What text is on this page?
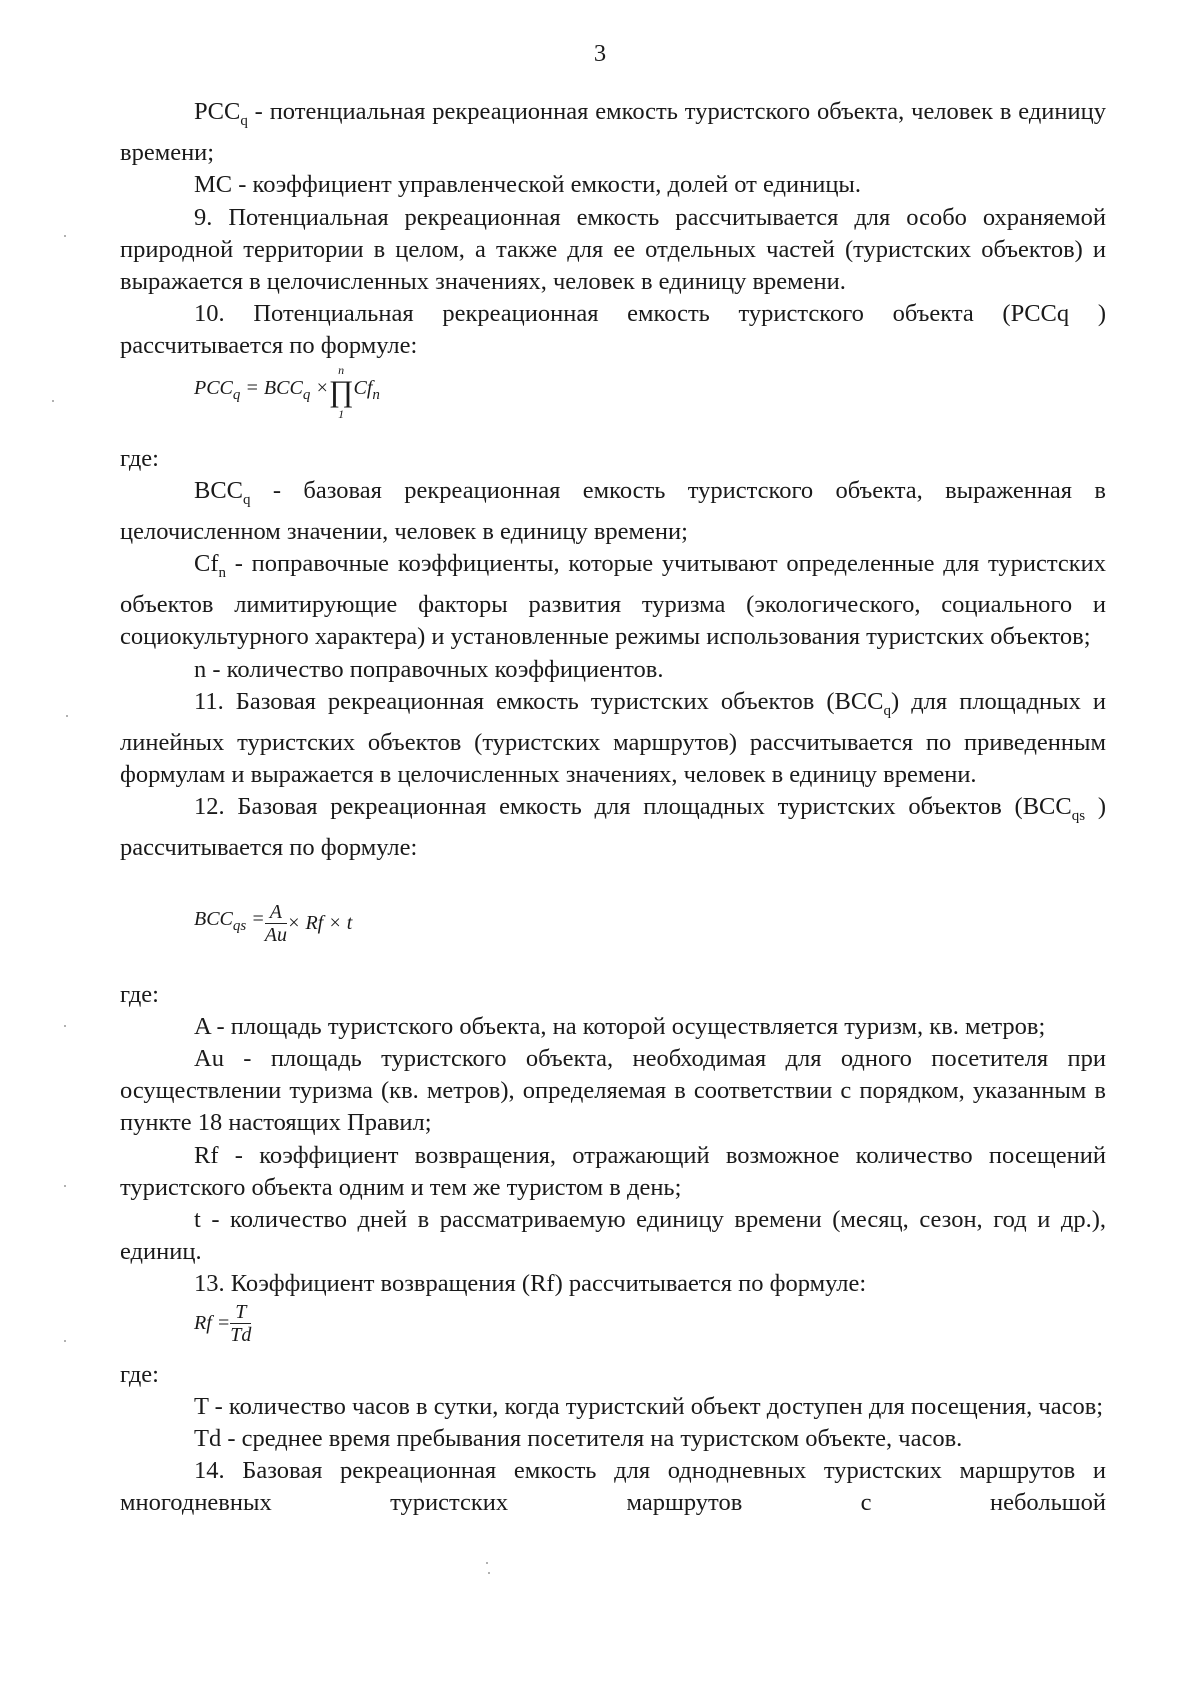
3

$PCC_q$ - потенциальная рекреационная емкость туристского объекта, человек в единицу времени;

MC - коэффициент управленческой емкости, долей от единицы.

9. Потенциальная рекреационная емкость рассчитывается для особо охраняемой природной территории в целом, а также для ее отдельных частей (туристских объектов) и выражается в целочисленных значениях, человек в единицу времени.

10. Потенциальная рекреационная емкость туристского объекта (PCCq ) рассчитывается по формуле:

$PCC_q = BCC_q$ ×
n
∏
1
$Cf_n$

где:

$BCC_q$ - базовая рекреационная емкость туристского объекта, выраженная в целочисленном значении, человек в единицу времени;

$Cf_n$ - поправочные коэффициенты, которые учитывают определенные для туристских объектов лимитирующие факторы развития туризма (экологического, социального и социокультурного характера) и установленные режимы использования туристских объектов;

n - количество поправочных коэффициентов.

11. Базовая рекреационная емкость туристских объектов $(BCC_q)$ для площадных и линейных туристских объектов (туристских маршрутов) рассчитывается по приведенным формулам и выражается в целочисленных значениях, человек в единицу времени.

12. Базовая рекреационная емкость для площадных туристских объектов ($BCC_{qs}$ ) рассчитывается по формуле:

$BCC_{qs} = \frac{A}{Au} \times Rf \times t$

где:

A - площадь туристского объекта, на которой осуществляется туризм, кв. метров;

Au - площадь туристского объекта, необходимая для одного посетителя при осуществлении туризма (кв. метров), определяемая в соответствии с порядком, указанным в пункте 18 настоящих Правил;

Rf - коэффициент возвращения, отражающий возможное количество посещений туристского объекта одним и тем же туристом в день;

t - количество дней в рассматриваемую единицу времени (месяц, сезон, год и др.), единиц.

13. Коэффициент возвращения (Rf) рассчитывается по формуле:

$Rf = \frac{T}{Td}$

где:

T - количество часов в сутки, когда туристский объект доступен для посещения, часов;

Td - среднее время пребывания посетителя на туристском объекте, часов.

14. Базовая рекреационная емкость для однодневных туристских маршрутов и многодневных туристских маршрутов с небольшой
